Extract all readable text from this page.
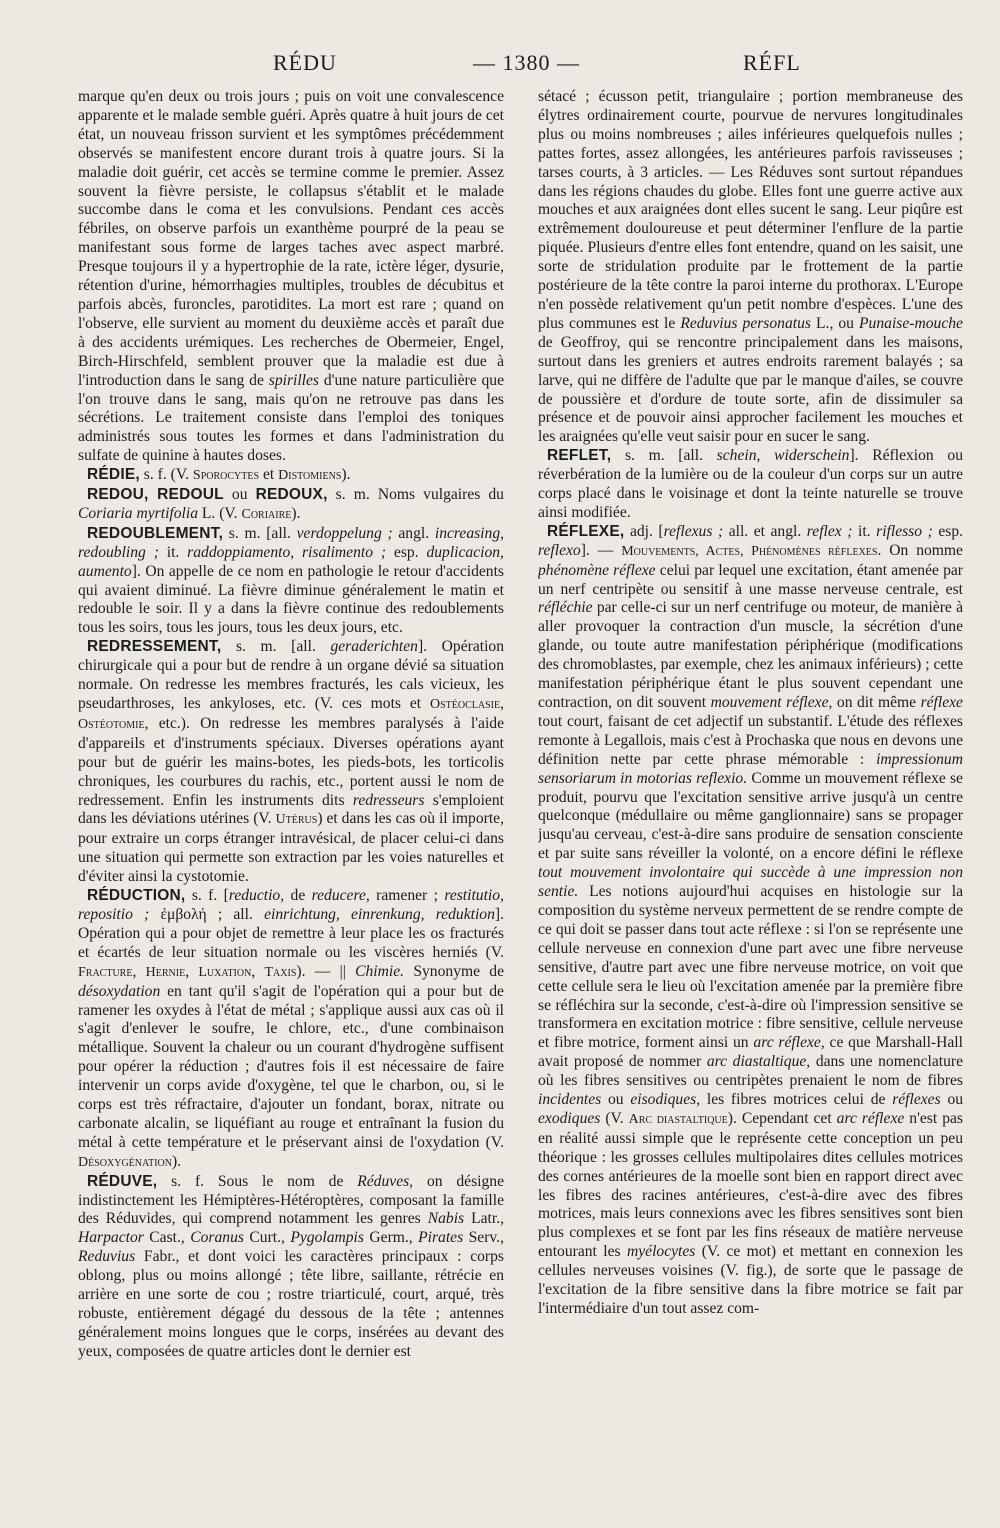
RÉDU	— 1380 —	RÉFL

marque qu'en deux ou trois jours ; puis on voit une convalescence apparente et le malade semble guéri. Après quatre à huit jours de cet état, un nouveau frisson survient et les symptômes précédemment observés se manifestent encore durant trois à quatre jours. Si la maladie doit guérir, cet accès se termine comme le premier. Assez souvent la fièvre persiste, le collapsus s'établit et le malade succombe dans le coma et les convulsions. Pendant ces accès fébriles, on observe parfois un exanthème pourpré de la peau se manifestant sous forme de larges taches avec aspect marbré. Presque toujours il y a hypertrophie de la rate, ictère léger, dysurie, rétention d'urine, hémorrhagies multiples, troubles de décubitus et parfois abcès, furoncles, parotidites. La mort est rare ; quand on l'observe, elle survient au moment du deuxième accès et paraît due à des accidents urémiques. Les recherches de Obermeier, Engel, Birch-Hirschfeld, semblent prouver que la maladie est due à l'introduction dans le sang de spirilles d'une nature particulière que l'on trouve dans le sang, mais qu'on ne retrouve pas dans les sécrétions. Le traitement consiste dans l'emploi des toniques administrés sous toutes les formes et dans l'administration du sulfate de quinine à hautes doses.

RÉDIE, s. f. (V. Sporocytes et Distomiens).

REDOU, REDOUL ou REDOUX, s. m. Noms vulgaires du Coriaria myrtifolia L. (V. Coriaire).

REDOUBLEMENT, s. m. [all. verdoppelung ; angl. increasing, redoubling ; it. raddoppiamento, risalimento ; esp. duplicacion, aumento]. On appelle de ce nom en pathologie le retour d'accidents qui avaient diminué. La fièvre diminue généralement le matin et redouble le soir. Il y a dans la fièvre continue des redoublements tous les soirs, tous les jours, tous les deux jours, etc.

REDRESSEMENT, s. m. [all. geraderichten]. Opération chirurgicale qui a pour but de rendre à un organe dévié sa situation normale. On redresse les membres fracturés, les cals vicieux, les pseudarthroses, les ankyloses, etc. (V. ces mots et Ostéoclasie, Ostéotomie, etc.). On redresse les membres paralysés à l'aide d'appareils et d'instruments spéciaux. Diverses opérations ayant pour but de guérir les mains-botes, les pieds-bots, les torticolis chroniques, les courbures du rachis, etc., portent aussi le nom de redressement. Enfin les instruments dits redresseurs s'emploient dans les déviations utérines (V. Utérus) et dans les cas où il importe, pour extraire un corps étranger intravésical, de placer celui-ci dans une situation qui permette son extraction par les voies naturelles et d'éviter ainsi la cystotomie.

RÉDUCTION, s. f. [reductio, de reducere, ramener ; restitutio, repositio ; ἐμβολή ; all. einrichtung, einrenkung, reduktion]. Opération qui a pour objet de remettre à leur place les os fracturés et écartés de leur situation normale ou les viscères herniés (V. Fracture, Hernie, Luxation, Taxis). — || Chimie. Synonyme de désoxydation en tant qu'il s'agit de l'opération qui a pour but de ramener les oxydes à l'état de métal ; s'applique aussi aux cas où il s'agit d'enlever le soufre, le chlore, etc., d'une combinaison métallique. Souvent la chaleur ou un courant d'hydrogène suffisent pour opérer la réduction ; d'autres fois il est nécessaire de faire intervenir un corps avide d'oxygène, tel que le charbon, ou, si le corps est très réfractaire, d'ajouter un fondant, borax, nitrate ou carbonate alcalin, se liquéfiant au rouge et entraînant la fusion du métal à cette température et le préservant ainsi de l'oxydation (V. Désoxygénation).

RÉDUVE, s. f. Sous le nom de Réduves, on désigne indistinctement les Hémiptères-Hétéroptères, composant la famille des Réduvides, qui comprend notamment les genres Nabis Latr., Harpactor Cast., Coranus Curt., Pygolampis Germ., Pirates Serv., Reduvius Fabr., et dont voici les caractères principaux : corps oblong, plus ou moins allongé ; tête libre, saillante, rétrécie en arrière en une sorte de cou ; rostre triarticulé, court, arqué, très robuste, entièrement dégagé du dessous de la tête ; antennes généralement moins longues que le corps, insérées au devant des yeux, composées de quatre articles dont le dernier est

sétacé ; écusson petit, triangulaire ; portion membraneuse des élytres ordinairement courte, pourvue de nervures longitudinales plus ou moins nombreuses ; ailes inférieures quelquefois nulles ; pattes fortes, assez allongées, les antérieures parfois ravisseuses ; tarses courts, à 3 articles. — Les Réduves sont surtout répandues dans les régions chaudes du globe. Elles font une guerre active aux mouches et aux araignées dont elles sucent le sang. Leur piqûre est extrêmement douloureuse et peut déterminer l'enflure de la partie piquée. Plusieurs d'entre elles font entendre, quand on les saisit, une sorte de stridulation produite par le frottement de la partie postérieure de la tête contre la paroi interne du prothorax. L'Europe n'en possède relativement qu'un petit nombre d'espèces. L'une des plus communes est le Reduvius personatus L., ou Punaise-mouche de Geoffroy, qui se rencontre principalement dans les maisons, surtout dans les greniers et autres endroits rarement balayés ; sa larve, qui ne diffère de l'adulte que par le manque d'ailes, se couvre de poussière et d'ordure de toute sorte, afin de dissimuler sa présence et de pouvoir ainsi approcher facilement les mouches et les araignées qu'elle veut saisir pour en sucer le sang.

REFLET, s. m. [all. schein, widerschein]. Réflexion ou réverbération de la lumière ou de la couleur d'un corps sur un autre corps placé dans le voisinage et dont la teinte naturelle se trouve ainsi modifiée.

RÉFLEXE, adj. [reflexus ; all. et angl. reflex ; it. riflesso ; esp. reflexo]. — Mouvements, Actes, Phénomènes réflexes. On nomme phénomène réflexe celui par lequel une excitation, étant amenée par un nerf centripète ou sensitif à une masse nerveuse centrale, est réfléchie par celle-ci sur un nerf centrifuge ou moteur, de manière à aller provoquer la contraction d'un muscle, la sécrétion d'une glande, ou toute autre manifestation périphérique (modifications des chromoblastes, par exemple, chez les animaux inférieurs) ; cette manifestation périphérique étant le plus souvent cependant une contraction, on dit souvent mouvement réflexe, on dit même réflexe tout court, faisant de cet adjectif un substantif. L'étude des réflexes remonte à Legallois, mais c'est à Prochaska que nous en devons une définition nette par cette phrase mémorable : impressionum sensoriarum in motorias reflexio. Comme un mouvement réflexe se produit, pourvu que l'excitation sensitive arrive jusqu'à un centre quelconque (médullaire ou même ganglionnaire) sans se propager jusqu'au cerveau, c'est-à-dire sans produire de sensation consciente et par suite sans réveiller la volonté, on a encore défini le réflexe tout mouvement involontaire qui succède à une impression non sentie. Les notions aujourd'hui acquises en histologie sur la composition du système nerveux permettent de se rendre compte de ce qui doit se passer dans tout acte réflexe : si l'on se représente une cellule nerveuse en connexion d'une part avec une fibre nerveuse sensitive, d'autre part avec une fibre nerveuse motrice, on voit que cette cellule sera le lieu où l'excitation amenée par la première fibre se réfléchira sur la seconde, c'est-à-dire où l'impression sensitive se transformera en excitation motrice : fibre sensitive, cellule nerveuse et fibre motrice, forment ainsi un arc réflexe, ce que Marshall-Hall avait proposé de nommer arc diastaltique, dans une nomenclature où les fibres sensitives ou centripètes prenaient le nom de fibres incidentes ou eisodiques, les fibres motrices celui de réflexes ou exodiques (V. Arc diastaltique). Cependant cet arc réflexe n'est pas en réalité aussi simple que le représente cette conception un peu théorique : les grosses cellules multipolaires dites cellules motrices des cornes antérieures de la moelle sont bien en rapport direct avec les fibres des racines antérieures, c'est-à-dire avec des fibres motrices, mais leurs connexions avec les fibres sensitives sont bien plus complexes et se font par les fins réseaux de matière nerveuse entourant les myélocytes (V. ce mot) et mettant en connexion les cellules nerveuses voisines (V. fig.), de sorte que le passage de l'excitation de la fibre sensitive dans la fibre motrice se fait par l'intermédiaire d'un tout assez com-
